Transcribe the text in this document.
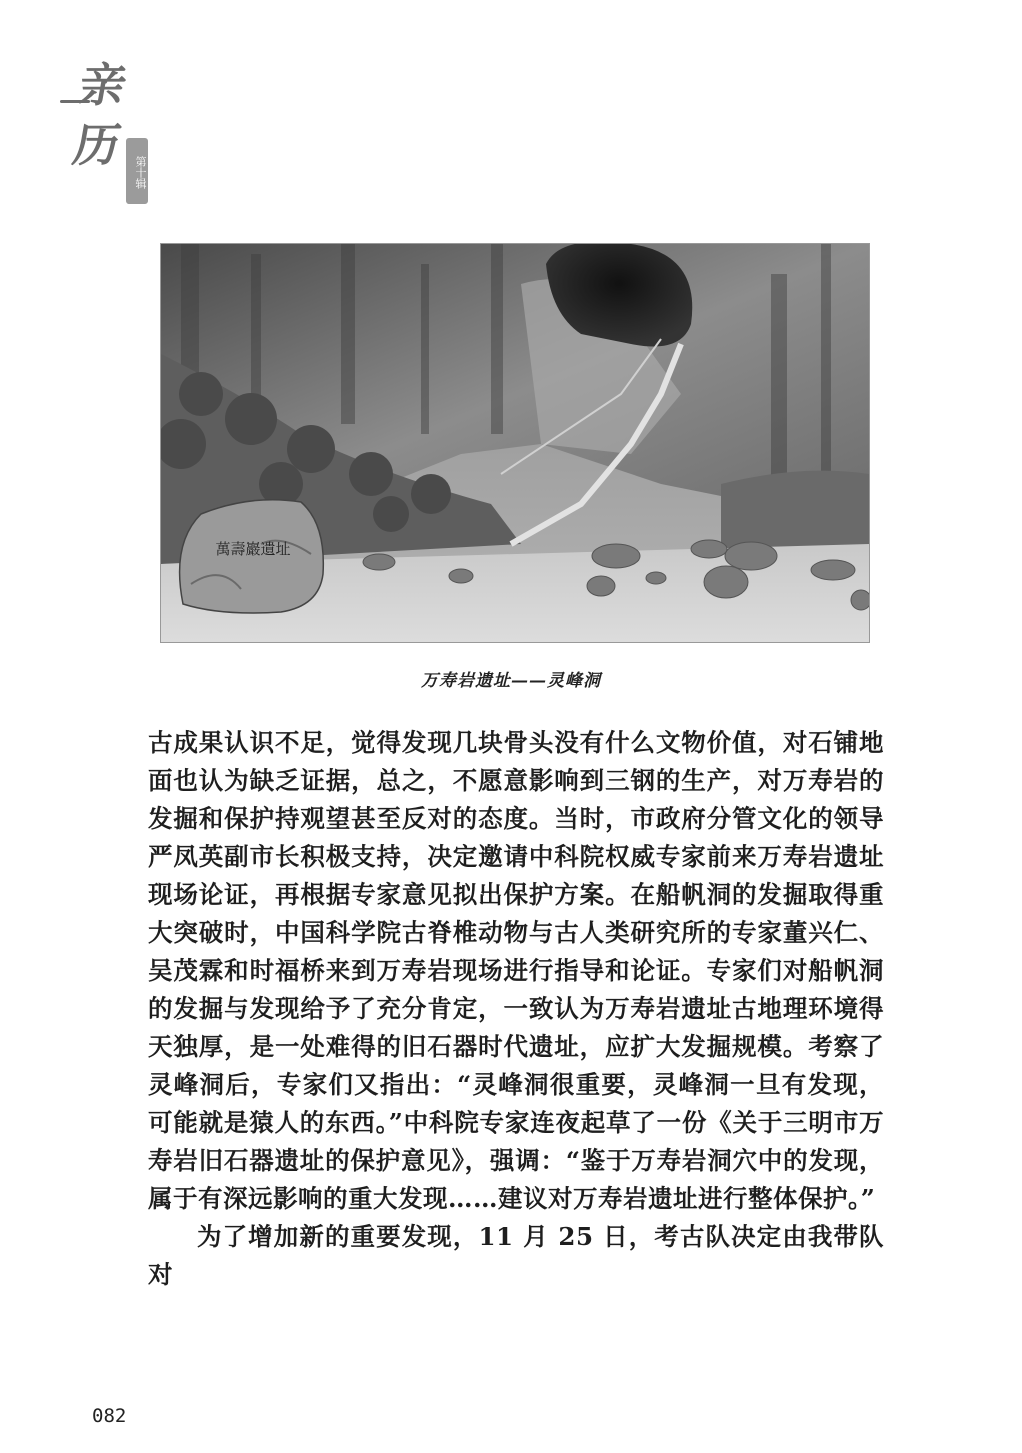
亲
历
第十辑
萬壽巖遺址
万寿岩遗址——灵峰洞

古成果认识不足，觉得发现几块骨头没有什么文物价值，对石铺地面也认为缺乏证据，总之，不愿意影响到三钢的生产，对万寿岩的发掘和保护持观望甚至反对的态度。当时，市政府分管文化的领导严凤英副市长积极支持，决定邀请中科院权威专家前来万寿岩遗址现场论证，再根据专家意见拟出保护方案。在船帆洞的发掘取得重大突破时，中国科学院古脊椎动物与古人类研究所的专家董兴仁、吴茂霖和时福桥来到万寿岩现场进行指导和论证。专家们对船帆洞的发掘与发现给予了充分肯定，一致认为万寿岩遗址古地理环境得天独厚，是一处难得的旧石器时代遗址，应扩大发掘规模。考察了灵峰洞后，专家们又指出：“灵峰洞很重要，灵峰洞一旦有发现，可能就是猿人的东西。”中科院专家连夜起草了一份《关于三明市万寿岩旧石器遗址的保护意见》，强调：“鉴于万寿岩洞穴中的发现，属于有深远影响的重大发现……建议对万寿岩遗址进行整体保护。”

为了增加新的重要发现，11 月 25 日，考古队决定由我带队对

082
